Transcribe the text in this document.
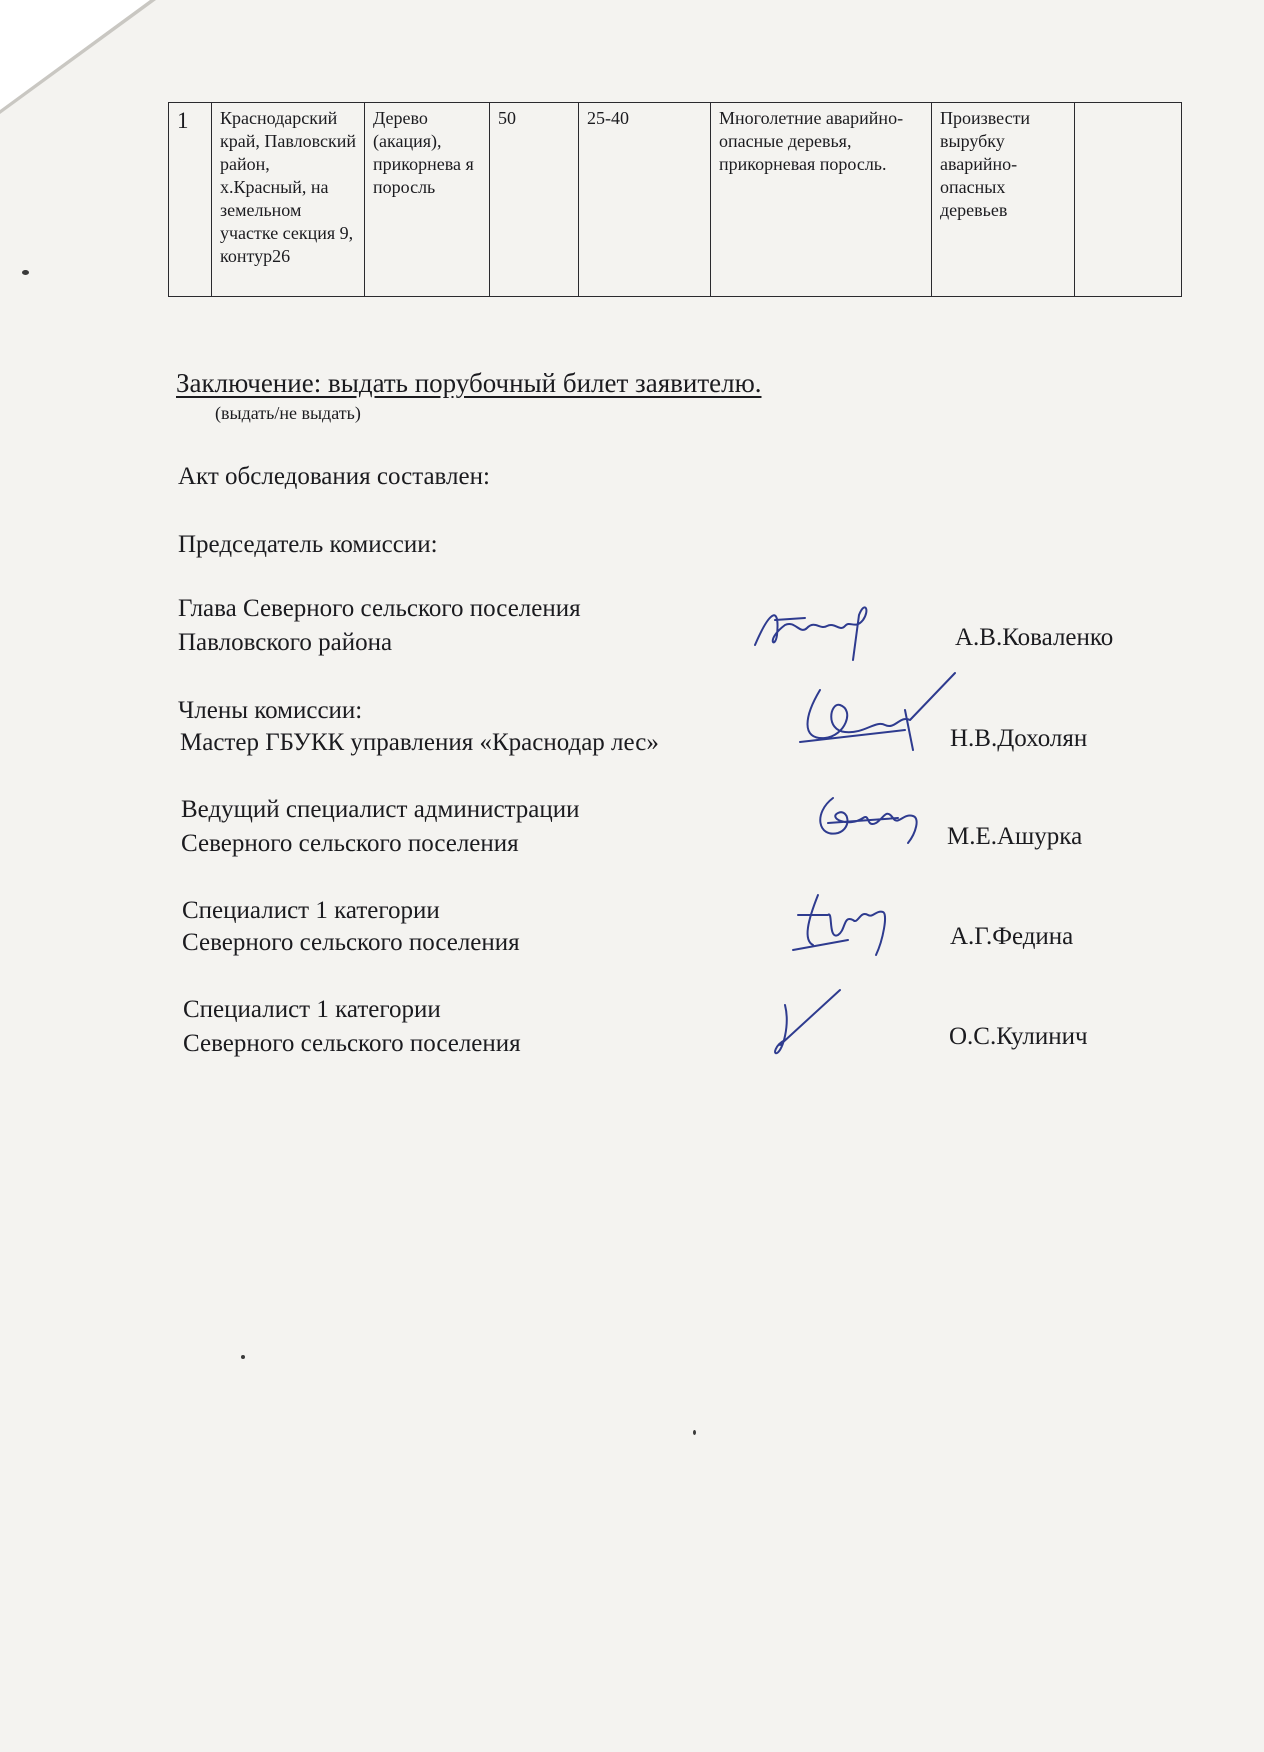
1	Краснодарский край, Павловский район, х.Красный, на земельном участке секция 9, контур26	Дерево (акация), прикорнева я поросль	50	25-40	Многолетние аварийно-опасные деревья, прикорневая поросль.	Произвести вырубку аварийно-опасных деревьев	
Заключение: выдать порубочный билет заявителю.
(выдать/не выдать)
Акт обследования составлен:
Председатель комиссии:
Глава Северного сельского поселения
Павловского района	А.В.Коваленко
Члены комиссии:
Мастер ГБУКК управления «Краснодар лес»	Н.В.Дохолян
Ведущий специалист администрации
Северного сельского поселения	М.Е.Ашурка
Специалист 1 категории
Северного сельского поселения	А.Г.Федина
Специалист 1 категории
Северного сельского поселения	О.С.Кулинич
